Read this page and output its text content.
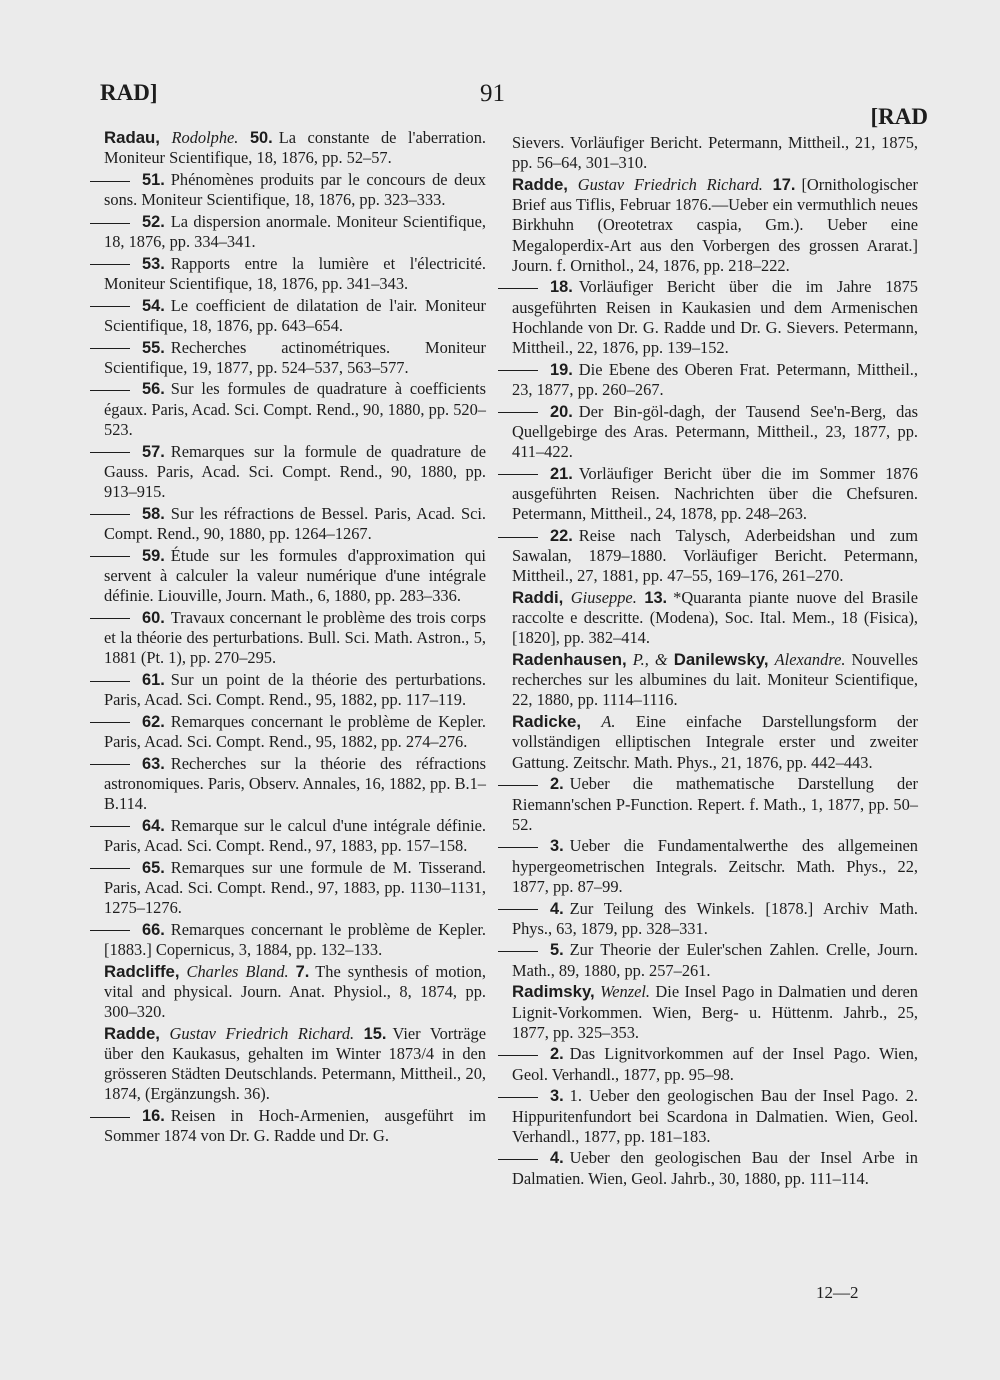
RAD]	91
[RAD

Radau, Rodolphe. 50. La constante de l'aberration. Moniteur Scientifique, 18, 1876, pp. 52–57.

51. Phénomènes produits par le concours de deux sons. Moniteur Scientifique, 18, 1876, pp. 323–333.

52. La dispersion anormale. Moniteur Scientifique, 18, 1876, pp. 334–341.

53. Rapports entre la lumière et l'électricité. Moniteur Scientifique, 18, 1876, pp. 341–343.

54. Le coefficient de dilatation de l'air. Moniteur Scientifique, 18, 1876, pp. 643–654.

55. Recherches actinométriques. Moniteur Scientifique, 19, 1877, pp. 524–537, 563–577.

56. Sur les formules de quadrature à coefficients égaux. Paris, Acad. Sci. Compt. Rend., 90, 1880, pp. 520–523.

57. Remarques sur la formule de quadrature de Gauss. Paris, Acad. Sci. Compt. Rend., 90, 1880, pp. 913–915.

58. Sur les réfractions de Bessel. Paris, Acad. Sci. Compt. Rend., 90, 1880, pp. 1264–1267.

59. Étude sur les formules d'approximation qui servent à calculer la valeur numérique d'une intégrale définie. Liouville, Journ. Math., 6, 1880, pp. 283–336.

60. Travaux concernant le problème des trois corps et la théorie des perturbations. Bull. Sci. Math. Astron., 5, 1881 (Pt. 1), pp. 270–295.

61. Sur un point de la théorie des perturbations. Paris, Acad. Sci. Compt. Rend., 95, 1882, pp. 117–119.

62. Remarques concernant le problème de Kepler. Paris, Acad. Sci. Compt. Rend., 95, 1882, pp. 274–276.

63. Recherches sur la théorie des réfractions astronomiques. Paris, Observ. Annales, 16, 1882, pp. B.1–B.114.

64. Remarque sur le calcul d'une intégrale définie. Paris, Acad. Sci. Compt. Rend., 97, 1883, pp. 157–158.

65. Remarques sur une formule de M. Tisserand. Paris, Acad. Sci. Compt. Rend., 97, 1883, pp. 1130–1131, 1275–1276.

66. Remarques concernant le problème de Kepler. [1883.] Copernicus, 3, 1884, pp. 132–133.

Radcliffe, Charles Bland. 7. The synthesis of motion, vital and physical. Journ. Anat. Physiol., 8, 1874, pp. 300–320.

Radde, Gustav Friedrich Richard. 15. Vier Vorträge über den Kaukasus, gehalten im Winter 1873/4 in den grösseren Städten Deutschlands. Petermann, Mittheil., 20, 1874, (Ergänzungsh. 36).

16. Reisen in Hoch-Armenien, ausgeführt im Sommer 1874 von Dr. G. Radde und Dr. G.

Sievers. Vorläufiger Bericht. Petermann, Mittheil., 21, 1875, pp. 56–64, 301–310.

Radde, Gustav Friedrich Richard. 17. [Ornithologischer Brief aus Tiflis, Februar 1876.—Ueber ein vermuthlich neues Birkhuhn (Oreotetrax caspia, Gm.). Ueber eine Megaloperdix-Art aus den Vorbergen des grossen Ararat.] Journ. f. Ornithol., 24, 1876, pp. 218–222.

18. Vorläufiger Bericht über die im Jahre 1875 ausgeführten Reisen in Kaukasien und dem Armenischen Hochlande von Dr. G. Radde und Dr. G. Sievers. Petermann, Mittheil., 22, 1876, pp. 139–152.

19. Die Ebene des Oberen Frat. Petermann, Mittheil., 23, 1877, pp. 260–267.

20. Der Bin-göl-dagh, der Tausend See'n-Berg, das Quellgebirge des Aras. Petermann, Mittheil., 23, 1877, pp. 411–422.

21. Vorläufiger Bericht über die im Sommer 1876 ausgeführten Reisen. Nachrichten über die Chefsuren. Petermann, Mittheil., 24, 1878, pp. 248–263.

22. Reise nach Talysch, Aderbeidshan und zum Sawalan, 1879–1880. Vorläufiger Bericht. Petermann, Mittheil., 27, 1881, pp. 47–55, 169–176, 261–270.

Raddi, Giuseppe. 13. *Quaranta piante nuove del Brasile raccolte e descritte. (Modena), Soc. Ital. Mem., 18 (Fisica), [1820], pp. 382–414.

Radenhausen, P., & Danilewsky, Alexandre. Nouvelles recherches sur les albumines du lait. Moniteur Scientifique, 22, 1880, pp. 1114–1116.

Radicke, A. Eine einfache Darstellungsform der vollständigen elliptischen Integrale erster und zweiter Gattung. Zeitschr. Math. Phys., 21, 1876, pp. 442–443.

2. Ueber die mathematische Darstellung der Riemann'schen P-Function. Repert. f. Math., 1, 1877, pp. 50–52.

3. Ueber die Fundamentalwerthe des allgemeinen hypergeometrischen Integrals. Zeitschr. Math. Phys., 22, 1877, pp. 87–99.

4. Zur Teilung des Winkels. [1878.] Archiv Math. Phys., 63, 1879, pp. 328–331.

5. Zur Theorie der Euler'schen Zahlen. Crelle, Journ. Math., 89, 1880, pp. 257–261.

Radimsky, Wenzel. Die Insel Pago in Dalmatien und deren Lignit-Vorkommen. Wien, Berg- u. Hüttenm. Jahrb., 25, 1877, pp. 325–353.

2. Das Lignitvorkommen auf der Insel Pago. Wien, Geol. Verhandl., 1877, pp. 95–98.

3. 1. Ueber den geologischen Bau der Insel Pago. 2. Hippuritenfundort bei Scardona in Dalmatien. Wien, Geol. Verhandl., 1877, pp. 181–183.

4. Ueber den geologischen Bau der Insel Arbe in Dalmatien. Wien, Geol. Jahrb., 30, 1880, pp. 111–114.

12—2
